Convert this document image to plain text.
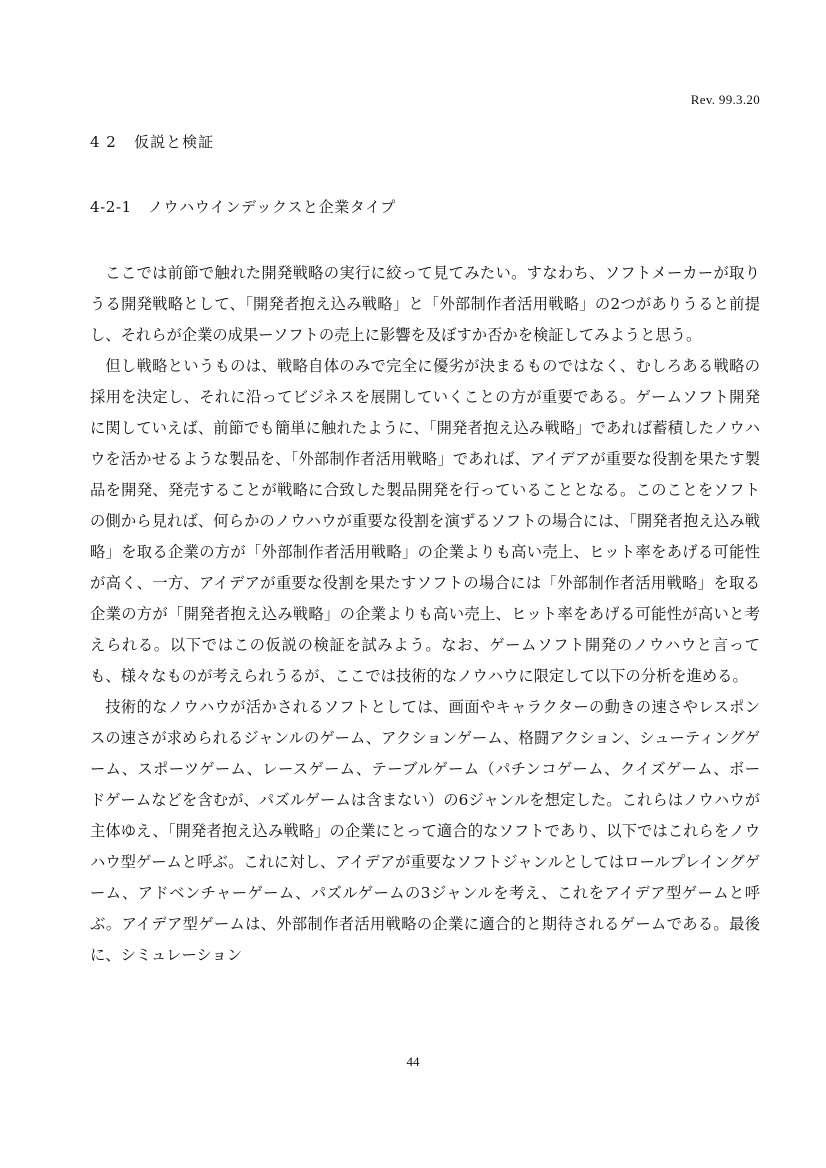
Rev. 99.3.20
4 2 仮説と検証
4-2-1 ノウハウインデックスと企業タイプ

ここでは前節で触れた開発戦略の実行に絞って見てみたい。すなわち、ソフトメーカーが取りうる開発戦略として、「開発者抱え込み戦略」と「外部制作者活用戦略」の2つがありうると前提し、それらが企業の成果ーソフトの売上に影響を及ぼすか否かを検証してみようと思う。

但し戦略というものは、戦略自体のみで完全に優劣が決まるものではなく、むしろある戦略の採用を決定し、それに沿ってビジネスを展開していくことの方が重要である。ゲームソフト開発に関していえば、前節でも簡単に触れたように、「開発者抱え込み戦略」であれば蓄積したノウハウを活かせるような製品を、「外部制作者活用戦略」であれば、アイデアが重要な役割を果たす製品を開発、発売することが戦略に合致した製品開発を行っていることとなる。このことをソフトの側から見れば、何らかのノウハウが重要な役割を演ずるソフトの場合には、「開発者抱え込み戦略」を取る企業の方が「外部制作者活用戦略」の企業よりも高い売上、ヒット率をあげる可能性が高く、一方、アイデアが重要な役割を果たすソフトの場合には「外部制作者活用戦略」を取る企業の方が「開発者抱え込み戦略」の企業よりも高い売上、ヒット率をあげる可能性が高いと考えられる。以下ではこの仮説の検証を試みよう。なお、ゲームソフト開発のノウハウと言っても、様々なものが考えられうるが、ここでは技術的なノウハウに限定して以下の分析を進める。

技術的なノウハウが活かされるソフトとしては、画面やキャラクターの動きの速さやレスポンスの速さが求められるジャンルのゲーム、アクションゲーム、格闘アクション、シューティングゲーム、スポーツゲーム、レースゲーム、テーブルゲーム（パチンコゲーム、クイズゲーム、ボードゲームなどを含むが、パズルゲームは含まない）の6ジャンルを想定した。これらはノウハウが主体ゆえ、「開発者抱え込み戦略」の企業にとって適合的なソフトであり、以下ではこれらをノウハウ型ゲームと呼ぶ。これに対し、アイデアが重要なソフトジャンルとしてはロールプレイングゲーム、アドベンチャーゲーム、パズルゲームの3ジャンルを考え、これをアイデア型ゲームと呼ぶ。アイデア型ゲームは、外部制作者活用戦略の企業に適合的と期待されるゲームである。最後に、シミュレーション

44
